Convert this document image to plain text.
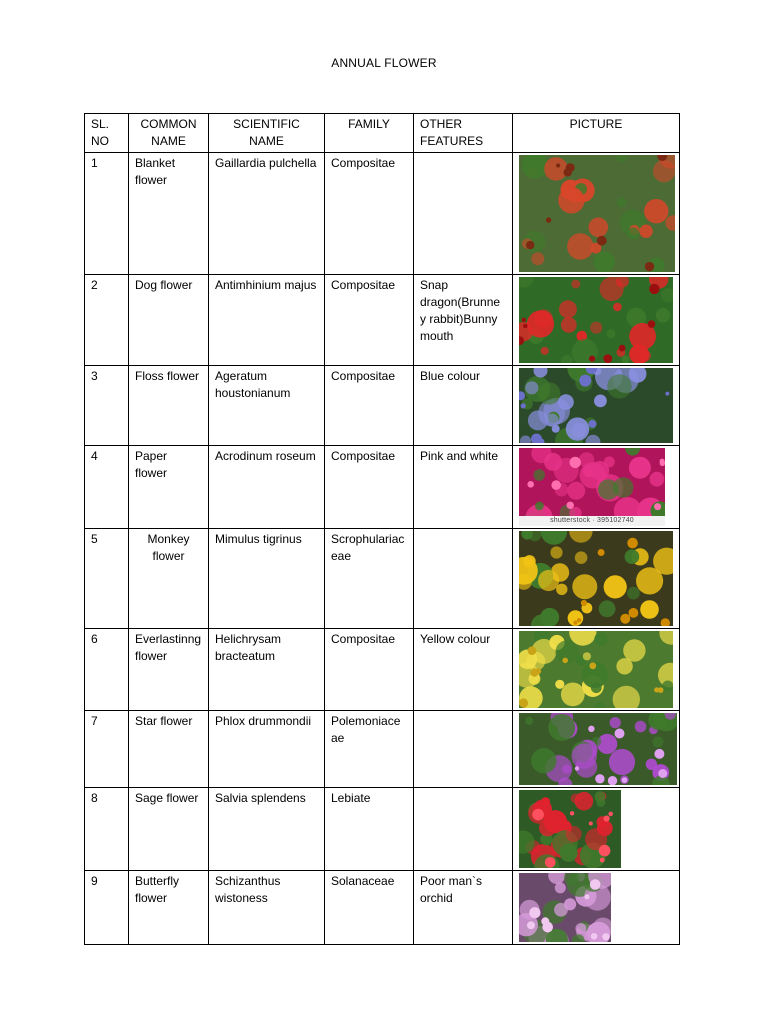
ANNUAL FLOWER
SL. NO	COMMON NAME	SCIENTIFIC NAME	FAMILY	OTHER FEATURES	PICTURE
1	Blanket flower	Gaillardia pulchella	Compositae		

2	Dog flower	Antimhinium majus	Compositae	Snap dragon(Brunney rabbit)Bunny mouth	

3	Floss flower	Ageratum houstonianum	Compositae	Blue colour	

4	Paper flower	Acrodinum roseum	Compositae	Pink and white	shutterstock · 395102740

5	Monkey flower	Mimulus tigrinus	Scrophulariaceae		

6	Everlastinng flower	Helichrysam bracteatum	Compositae	Yellow colour	

7	Star flower	Phlox drummondii	Polemoniaceae		

8	Sage flower	Salvia splendens	Lebiate		

9	Butterfly flower	Schizanthus wistoness	Solanaceae	Poor man`s orchid	
